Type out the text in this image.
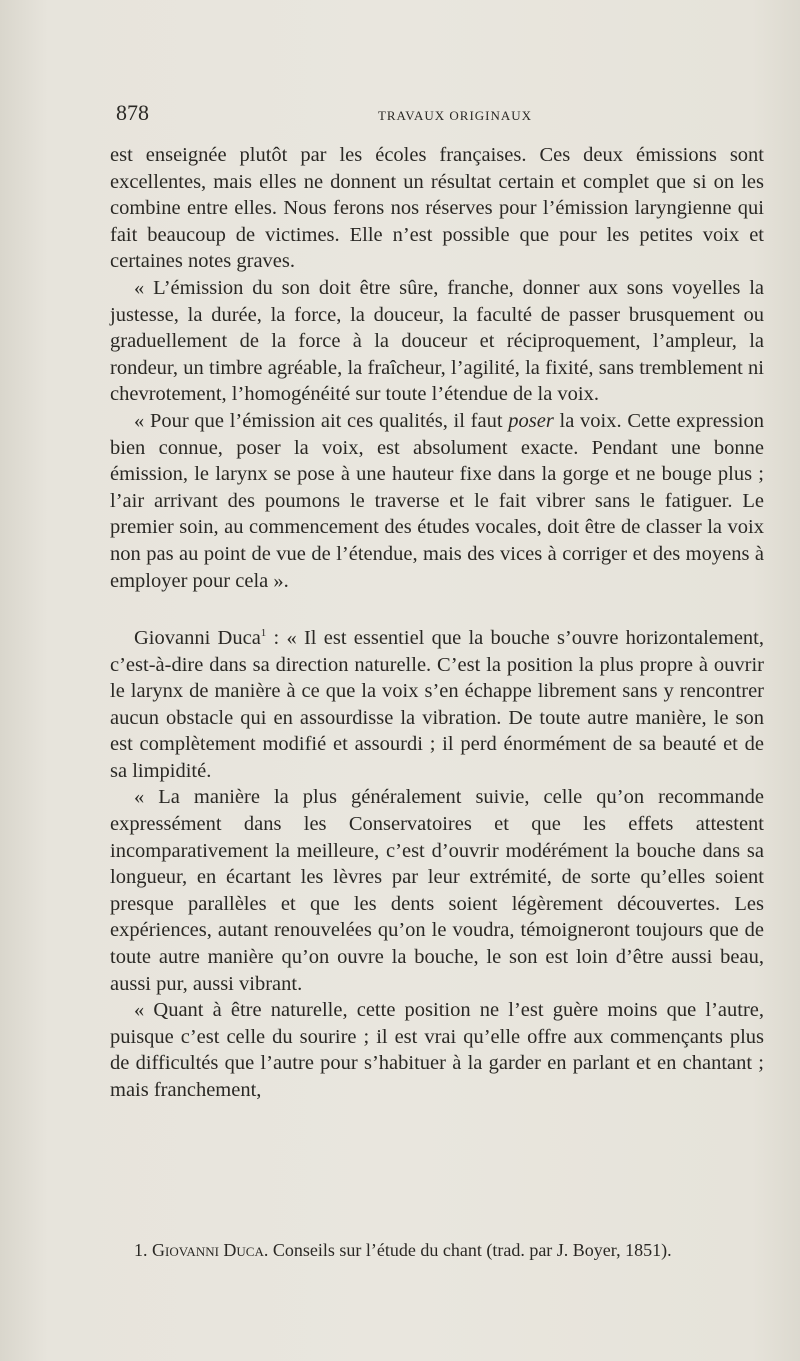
878	TRAVAUX ORIGINAUX

est enseignée plutôt par les écoles françaises. Ces deux émissions sont excellentes, mais elles ne donnent un résultat certain et complet que si on les combine entre elles. Nous ferons nos réserves pour l’émission laryngienne qui fait beaucoup de victimes. Elle n’est possible que pour les petites voix et certaines notes graves.

« L’émission du son doit être sûre, franche, donner aux sons voyelles la justesse, la durée, la force, la douceur, la faculté de passer brusquement ou graduellement de la force à la douceur et réciproquement, l’ampleur, la rondeur, un timbre agréable, la fraîcheur, l’agilité, la fixité, sans tremblement ni chevrotement, l’homogénéité sur toute l’étendue de la voix.

« Pour que l’émission ait ces qualités, il faut poser la voix. Cette expression bien connue, poser la voix, est absolument exacte. Pendant une bonne émission, le larynx se pose à une hauteur fixe dans la gorge et ne bouge plus ; l’air arrivant des poumons le traverse et le fait vibrer sans le fatiguer. Le premier soin, au commencement des études vocales, doit être de classer la voix non pas au point de vue de l’étendue, mais des vices à corriger et des moyens à employer pour cela ».

Giovanni Duca$^1$ : « Il est essentiel que la bouche s’ouvre horizontalement, c’est-à-dire dans sa direction naturelle. C’est la position la plus propre à ouvrir le larynx de manière à ce que la voix s’en échappe librement sans y rencontrer aucun obstacle qui en assourdisse la vibration. De toute autre manière, le son est complètement modifié et assourdi ; il perd énormément de sa beauté et de sa limpidité.

« La manière la plus généralement suivie, celle qu’on recommande expressément dans les Conservatoires et que les effets attestent incomparativement la meilleure, c’est d’ouvrir modérément la bouche dans sa longueur, en écartant les lèvres par leur extrémité, de sorte qu’elles soient presque parallèles et que les dents soient légèrement découvertes. Les expériences, autant renouvelées qu’on le voudra, témoigneront toujours que de toute autre manière qu’on ouvre la bouche, le son est loin d’être aussi beau, aussi pur, aussi vibrant.

« Quant à être naturelle, cette position ne l’est guère moins que l’autre, puisque c’est celle du sourire ; il est vrai qu’elle offre aux commençants plus de difficultés que l’autre pour s’habituer à la garder en parlant et en chantant ; mais franchement,

1. Giovanni Duca. Conseils sur l’étude du chant (trad. par J. Boyer, 1851).
